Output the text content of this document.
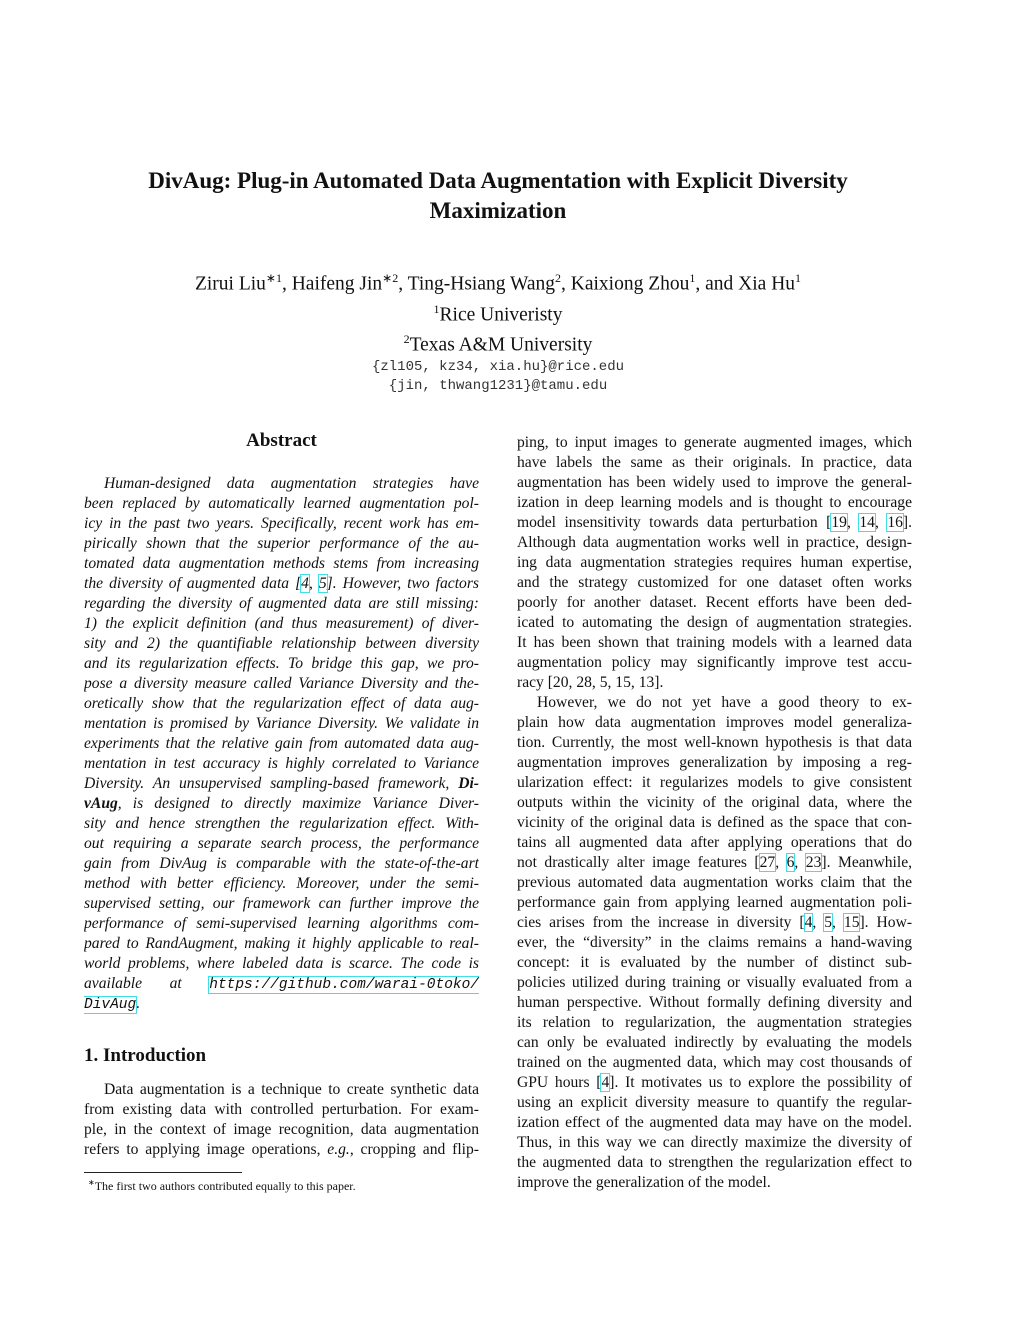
DivAug: Plug-in Automated Data Augmentation with Explicit Diversity
Maximization
Zirui Liu$^{∗1}$, Haifeng Jin$^{∗2}$, Ting-Hsiang Wang$^2$, Kaixiong Zhou$^1$, and Xia Hu$^1$
$^1$Rice Univeristy
$^2$Texas A&M University
{zl105, kz34, xia.hu}@rice.edu
{jin, thwang1231}@tamu.edu
Abstract
Human-designed data augmentation strategies have
been replaced by automatically learned augmentation pol-
icy in the past two years. Specifically, recent work has em-
pirically shown that the superior performance of the au-
tomated data augmentation methods stems from increasing
the diversity of augmented data [4, 5]. However, two factors
regarding the diversity of augmented data are still missing:
1) the explicit definition (and thus measurement) of diver-
sity and 2) the quantifiable relationship between diversity
and its regularization effects. To bridge this gap, we pro-
pose a diversity measure called Variance Diversity and the-
oretically show that the regularization effect of data aug-
mentation is promised by Variance Diversity. We validate in
experiments that the relative gain from automated data aug-
mentation in test accuracy is highly correlated to Variance
Diversity. An unsupervised sampling-based framework, Di-
vAug, is designed to directly maximize Variance Diver-
sity and hence strengthen the regularization effect. With-
out requiring a separate search process, the performance
gain from DivAug is comparable with the state-of-the-art
method with better efficiency. Moreover, under the semi-
supervised setting, our framework can further improve the
performance of semi-supervised learning algorithms com-
pared to RandAugment, making it highly applicable to real-
world problems, where labeled data is scarce. The code is
available at https://github.com/warai-0toko/
DivAug.
1. Introduction
Data augmentation is a technique to create synthetic data
from existing data with controlled perturbation. For exam-
ple, in the context of image recognition, data augmentation
refers to applying image operations, e.g., cropping and flip-
∗The first two authors contributed equally to this paper.
ping, to input images to generate augmented images, which
have labels the same as their originals. In practice, data
augmentation has been widely used to improve the general-
ization in deep learning models and is thought to encourage
model insensitivity towards data perturbation [19, 14, 16].
Although data augmentation works well in practice, design-
ing data augmentation strategies requires human expertise,
and the strategy customized for one dataset often works
poorly for another dataset. Recent efforts have been ded-
icated to automating the design of augmentation strategies.
It has been shown that training models with a learned data
augmentation policy may significantly improve test accu-
racy [20, 28, 5, 15, 13].
However, we do not yet have a good theory to ex-
plain how data augmentation improves model generaliza-
tion. Currently, the most well-known hypothesis is that data
augmentation improves generalization by imposing a reg-
ularization effect: it regularizes models to give consistent
outputs within the vicinity of the original data, where the
vicinity of the original data is defined as the space that con-
tains all augmented data after applying operations that do
not drastically alter image features [27, 6, 23]. Meanwhile,
previous automated data augmentation works claim that the
performance gain from applying learned augmentation poli-
cies arises from the increase in diversity [4, 5, 15]. How-
ever, the “diversity” in the claims remains a hand-waving
concept: it is evaluated by the number of distinct sub-
policies utilized during training or visually evaluated from a
human perspective. Without formally defining diversity and
its relation to regularization, the augmentation strategies
can only be evaluated indirectly by evaluating the models
trained on the augmented data, which may cost thousands of
GPU hours [4]. It motivates us to explore the possibility of
using an explicit diversity measure to quantify the regular-
ization effect of the augmented data may have on the model.
Thus, in this way we can directly maximize the diversity of
the augmented data to strengthen the regularization effect to
improve the generalization of the model.
